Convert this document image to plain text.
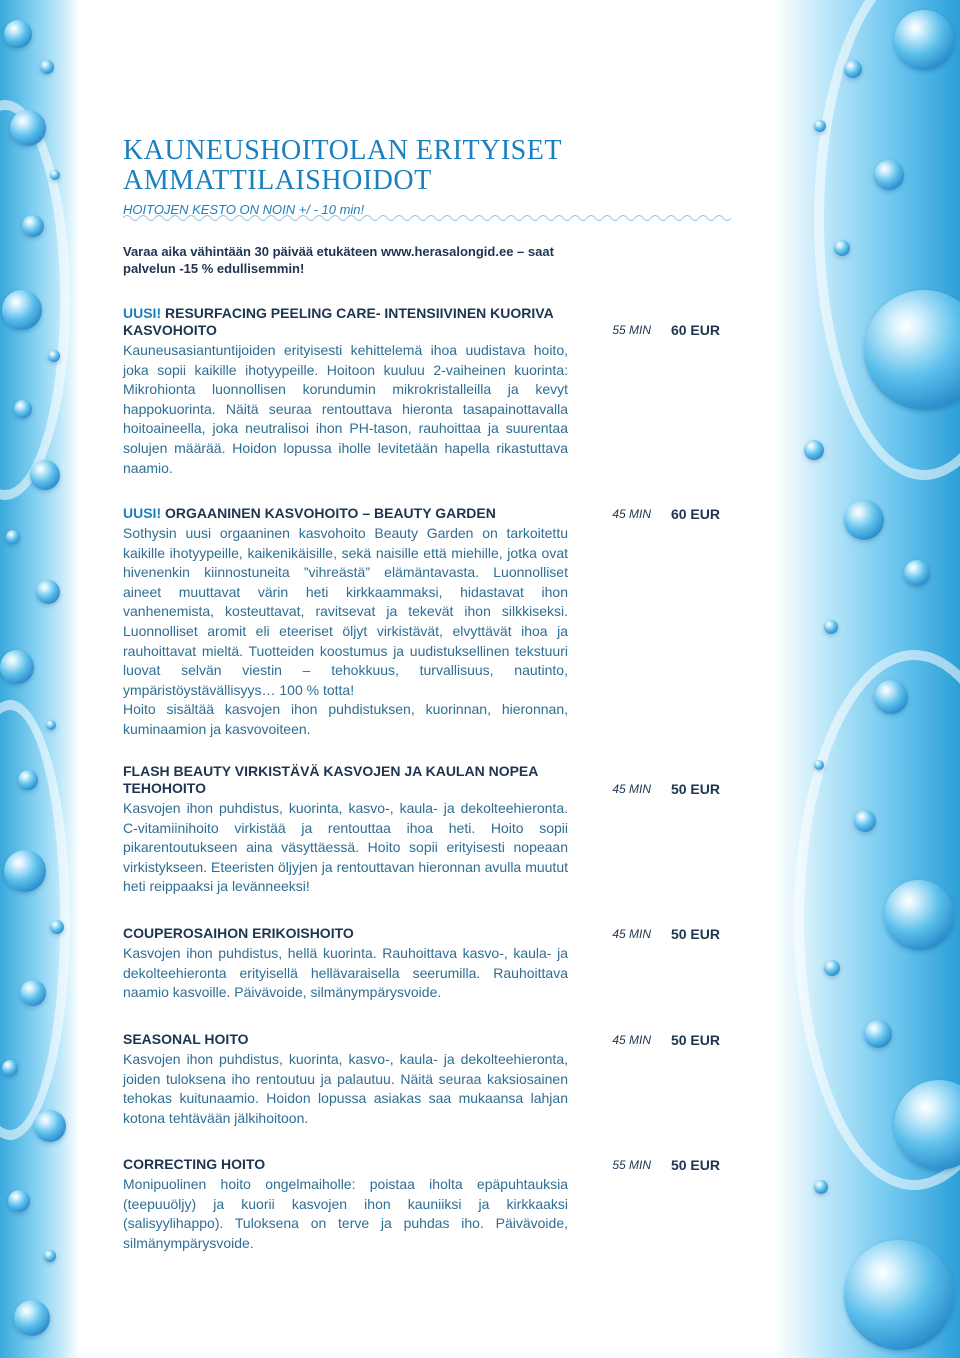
KAUNEUSHOITOLAN ERITYISET AMMATTILAISHOIDOT
HOITOJEN KESTO ON NOIN +/ - 10 min!
Varaa aika vähintään 30 päivää etukäteen www.herasalongid.ee – saat palvelun -15 % edullisemmin!
UUSI! RESURFACING PEELING CARE- INTENSIIVINEN KUORIVA KASVOHOITO
Kauneusasiantuntijoiden erityisesti kehittelemä ihoa uudistava hoito, joka sopii kaikille ihotyypeille. Hoitoon kuuluu 2-vaiheinen kuorinta: Mikrohionta luonnollisen korundumin mikrokristalleilla ja kevyt happokuorinta. Näitä seuraa rentouttava hieronta tasapainottavalla hoitoaineella, joka neutralisoi ihon PH-tason, rauhoittaa ja suurentaa solujen määrää. Hoidon lopussa iholle levitetään hapella rikastuttava naamio.
55 MIN	60 EUR
UUSI! ORGAANINEN KASVOHOITO – BEAUTY GARDEN
Sothysin uusi orgaaninen kasvohoito Beauty Garden on tarkoitettu kaikille ihotyypeille, kaikenikäisille, sekä naisille että miehille, jotka ovat hivenenkin kiinnostuneita ”vihreästä” elämäntavasta. Luonnolliset aineet muuttavat värin heti kirkkaammaksi, hidastavat ihon vanhenemista, kosteuttavat, ravitsevat ja tekevät ihon silkkiseksi. Luonnolliset aromit eli eteeriset öljyt virkistävät, elvyttävät ihoa ja rauhoittavat mieltä. Tuotteiden koostumus ja uudistuksellinen tekstuuri luovat selvän viestin – tehokkuus, turvallisuus, nautinto, ympäristöystävällisyys… 100 % totta!
Hoito sisältää kasvojen ihon puhdistuksen, kuorinnan, hieronnan, kuminaamion ja kasvovoiteen.
45 MIN	60 EUR
FLASH BEAUTY VIRKISTÄVÄ KASVOJEN JA KAULAN NOPEA TEHOHOITO
Kasvojen ihon puhdistus, kuorinta, kasvo-, kaula- ja dekolteehieronta. C-vitamiinihoito virkistää ja rentouttaa ihoa heti. Hoito sopii pikarentoutukseen aina väsyttäessä. Hoito sopii erityisesti nopeaan virkistykseen. Eteeristen öljyjen ja rentouttavan hieronnan avulla muutut heti reippaaksi ja levänneeksi!
45 MIN	50 EUR
COUPEROSAIHON ERIKOISHOITO
Kasvojen ihon puhdistus, hellä kuorinta. Rauhoittava kasvo-, kaula- ja dekolteehieronta erityisellä hellävaraisella seerumilla. Rauhoittava naamio kasvoille. Päivävoide, silmänympärysvoide.
45 MIN	50 EUR
SEASONAL HOITO
Kasvojen ihon puhdistus, kuorinta, kasvo-, kaula- ja dekolteehieronta, joiden tuloksena iho rentoutuu ja palautuu. Näitä seuraa kaksiosainen tehokas kuitunaamio. Hoidon lopussa asiakas saa mukaansa lahjan kotona tehtävään jälkihoitoon.
45 MIN	50 EUR
CORRECTING HOITO
Monipuolinen hoito ongelmaiholle: poistaa iholta epäpuhtauksia (teepuuöljy) ja kuorii kasvojen ihon kauniiksi ja kirkkaaksi (salisyylihappo). Tuloksena on terve ja puhdas iho. Päivävoide, silmänympärysvoide.
55 MIN	50 EUR
